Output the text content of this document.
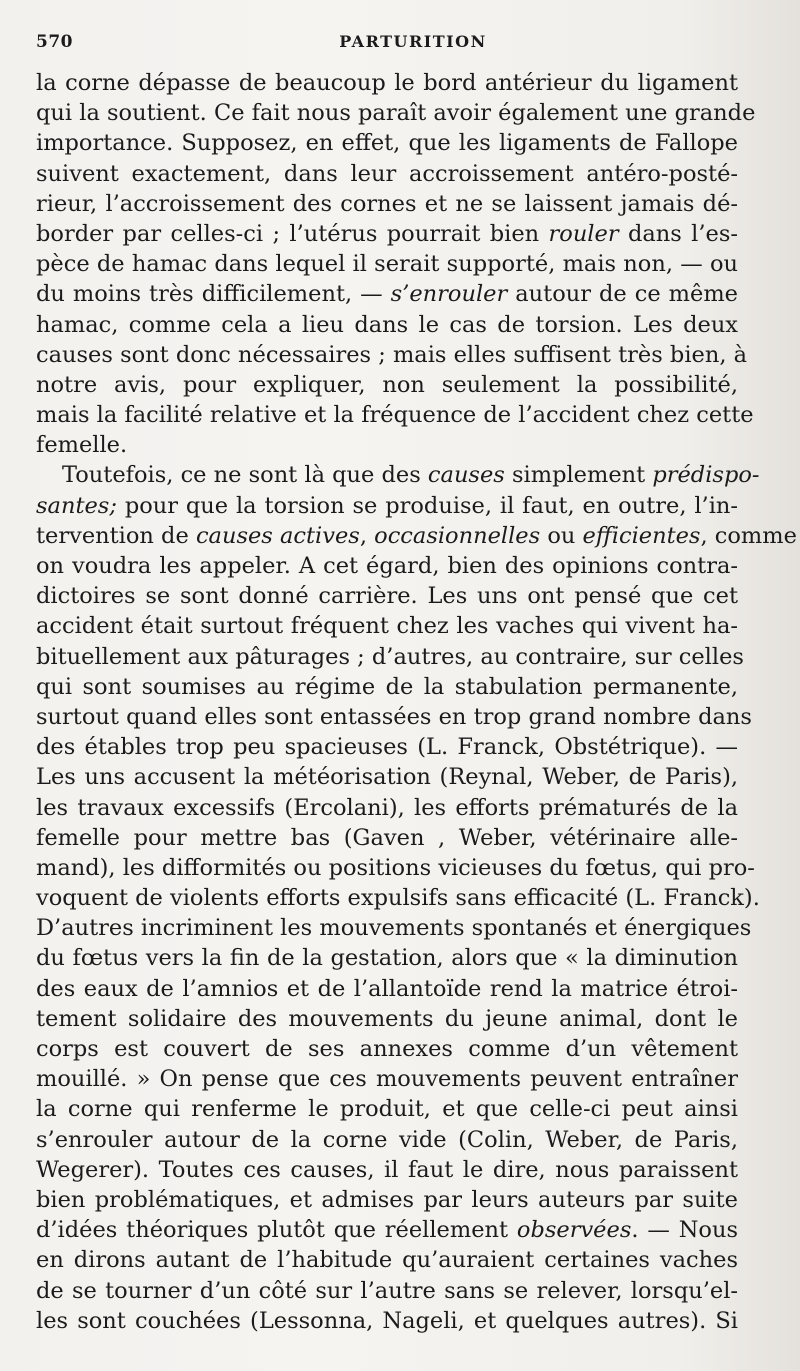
570	PARTURITION
la corne dépasse de beaucoup le bord antérieur du ligament
qui la soutient. Ce fait nous paraît avoir également une grande
importance. Supposez, en effet, que les ligaments de Fallope
suivent exactement, dans leur accroissement antéro-posté-
rieur, l’accroissement des cornes et ne se laissent jamais dé-
border par celles-ci ; l’utérus pourrait bien rouler dans l’es-
pèce de hamac dans lequel il serait supporté, mais non, — ou
du moins très difficilement, — s’enrouler autour de ce même
hamac, comme cela a lieu dans le cas de torsion. Les deux
causes sont donc nécessaires ; mais elles suffisent très bien, à
notre avis, pour expliquer, non seulement la possibilité,
mais la facilité relative et la fréquence de l’accident chez cette
femelle.
Toutefois, ce ne sont là que des causes simplement prédispo-
santes; pour que la torsion se produise, il faut, en outre, l’in-
tervention de causes actives, occasionnelles ou efficientes, comme
on voudra les appeler. A cet égard, bien des opinions contra-
dictoires se sont donné carrière. Les uns ont pensé que cet
accident était surtout fréquent chez les vaches qui vivent ha-
bituellement aux pâturages ; d’autres, au contraire, sur celles
qui sont soumises au régime de la stabulation permanente,
surtout quand elles sont entassées en trop grand nombre dans
des étables trop peu spacieuses (L. Franck, Obstétrique). —
Les uns accusent la météorisation (Reynal, Weber, de Paris),
les travaux excessifs (Ercolani), les efforts prématurés de la
femelle pour mettre bas (Gaven , Weber, vétérinaire alle-
mand), les difformités ou positions vicieuses du fœtus, qui pro-
voquent de violents efforts expulsifs sans efficacité (L. Franck).
D’autres incriminent les mouvements spontanés et énergiques
du fœtus vers la fin de la gestation, alors que « la diminution
des eaux de l’amnios et de l’allantoïde rend la matrice étroi-
tement solidaire des mouvements du jeune animal, dont le
corps est couvert de ses annexes comme d’un vêtement
mouillé. » On pense que ces mouvements peuvent entraîner
la corne qui renferme le produit, et que celle-ci peut ainsi
s’enrouler autour de la corne vide (Colin, Weber, de Paris,
Wegerer). Toutes ces causes, il faut le dire, nous paraissent
bien problématiques, et admises par leurs auteurs par suite
d’idées théoriques plutôt que réellement observées. — Nous
en dirons autant de l’habitude qu’auraient certaines vaches
de se tourner d’un côté sur l’autre sans se relever, lorsqu’el-
les sont couchées (Lessonna, Nageli, et quelques autres). Si
